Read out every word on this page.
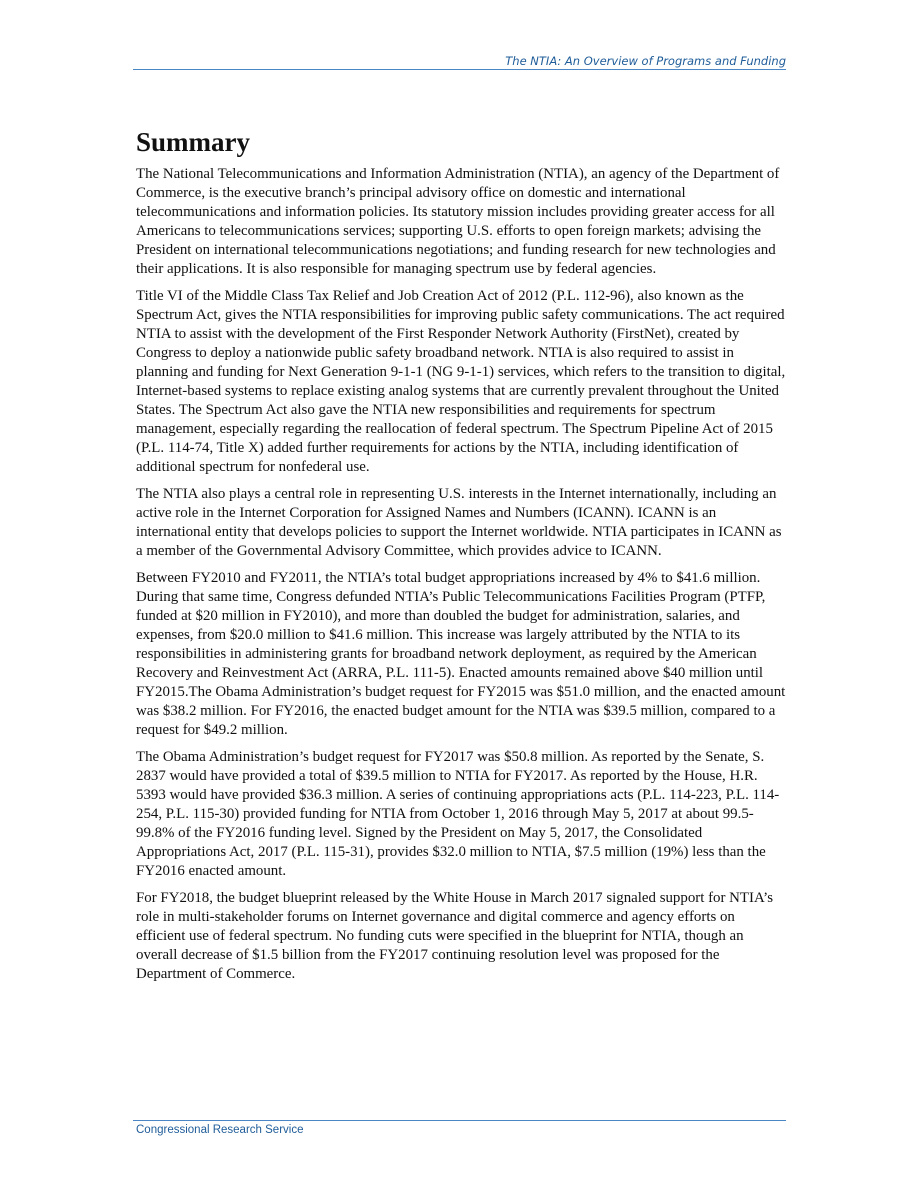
The NTIA: An Overview of Programs and Funding
Summary

The National Telecommunications and Information Administration (NTIA), an agency of the Department of Commerce, is the executive branch’s principal advisory office on domestic and international telecommunications and information policies. Its statutory mission includes providing greater access for all Americans to telecommunications services; supporting U.S. efforts to open foreign markets; advising the President on international telecommunications negotiations; and funding research for new technologies and their applications. It is also responsible for managing spectrum use by federal agencies.

Title VI of the Middle Class Tax Relief and Job Creation Act of 2012 (P.L. 112-96), also known as the Spectrum Act, gives the NTIA responsibilities for improving public safety communications. The act required NTIA to assist with the development of the First Responder Network Authority (FirstNet), created by Congress to deploy a nationwide public safety broadband network. NTIA is also required to assist in planning and funding for Next Generation 9-1-1 (NG 9-1-1) services, which refers to the transition to digital, Internet-based systems to replace existing analog systems that are currently prevalent throughout the United States. The Spectrum Act also gave the NTIA new responsibilities and requirements for spectrum management, especially regarding the reallocation of federal spectrum. The Spectrum Pipeline Act of 2015 (P.L. 114-74, Title X) added further requirements for actions by the NTIA, including identification of additional spectrum for nonfederal use.

The NTIA also plays a central role in representing U.S. interests in the Internet internationally, including an active role in the Internet Corporation for Assigned Names and Numbers (ICANN). ICANN is an international entity that develops policies to support the Internet worldwide. NTIA participates in ICANN as a member of the Governmental Advisory Committee, which provides advice to ICANN.

Between FY2010 and FY2011, the NTIA’s total budget appropriations increased by 4% to $41.6 million. During that same time, Congress defunded NTIA’s Public Telecommunications Facilities Program (PTFP, funded at $20 million in FY2010), and more than doubled the budget for administration, salaries, and expenses, from $20.0 million to $41.6 million. This increase was largely attributed by the NTIA to its responsibilities in administering grants for broadband network deployment, as required by the American Recovery and Reinvestment Act (ARRA, P.L. 111-5). Enacted amounts remained above $40 million until FY2015.The Obama Administration’s budget request for FY2015 was $51.0 million, and the enacted amount was $38.2 million. For FY2016, the enacted budget amount for the NTIA was $39.5 million, compared to a request for $49.2 million.

The Obama Administration’s budget request for FY2017 was $50.8 million. As reported by the Senate, S. 2837 would have provided a total of $39.5 million to NTIA for FY2017. As reported by the House, H.R. 5393 would have provided $36.3 million. A series of continuing appropriations acts (P.L. 114-223, P.L. 114-254, P.L. 115-30) provided funding for NTIA from October 1, 2016 through May 5, 2017 at about 99.5-99.8% of the FY2016 funding level. Signed by the President on May 5, 2017, the Consolidated Appropriations Act, 2017 (P.L. 115-31), provides $32.0 million to NTIA, $7.5 million (19%) less than the FY2016 enacted amount.

For FY2018, the budget blueprint released by the White House in March 2017 signaled support for NTIA’s role in multi-stakeholder forums on Internet governance and digital commerce and agency efforts on efficient use of federal spectrum. No funding cuts were specified in the blueprint for NTIA, though an overall decrease of $1.5 billion from the FY2017 continuing resolution level was proposed for the Department of Commerce.

Congressional Research Service
